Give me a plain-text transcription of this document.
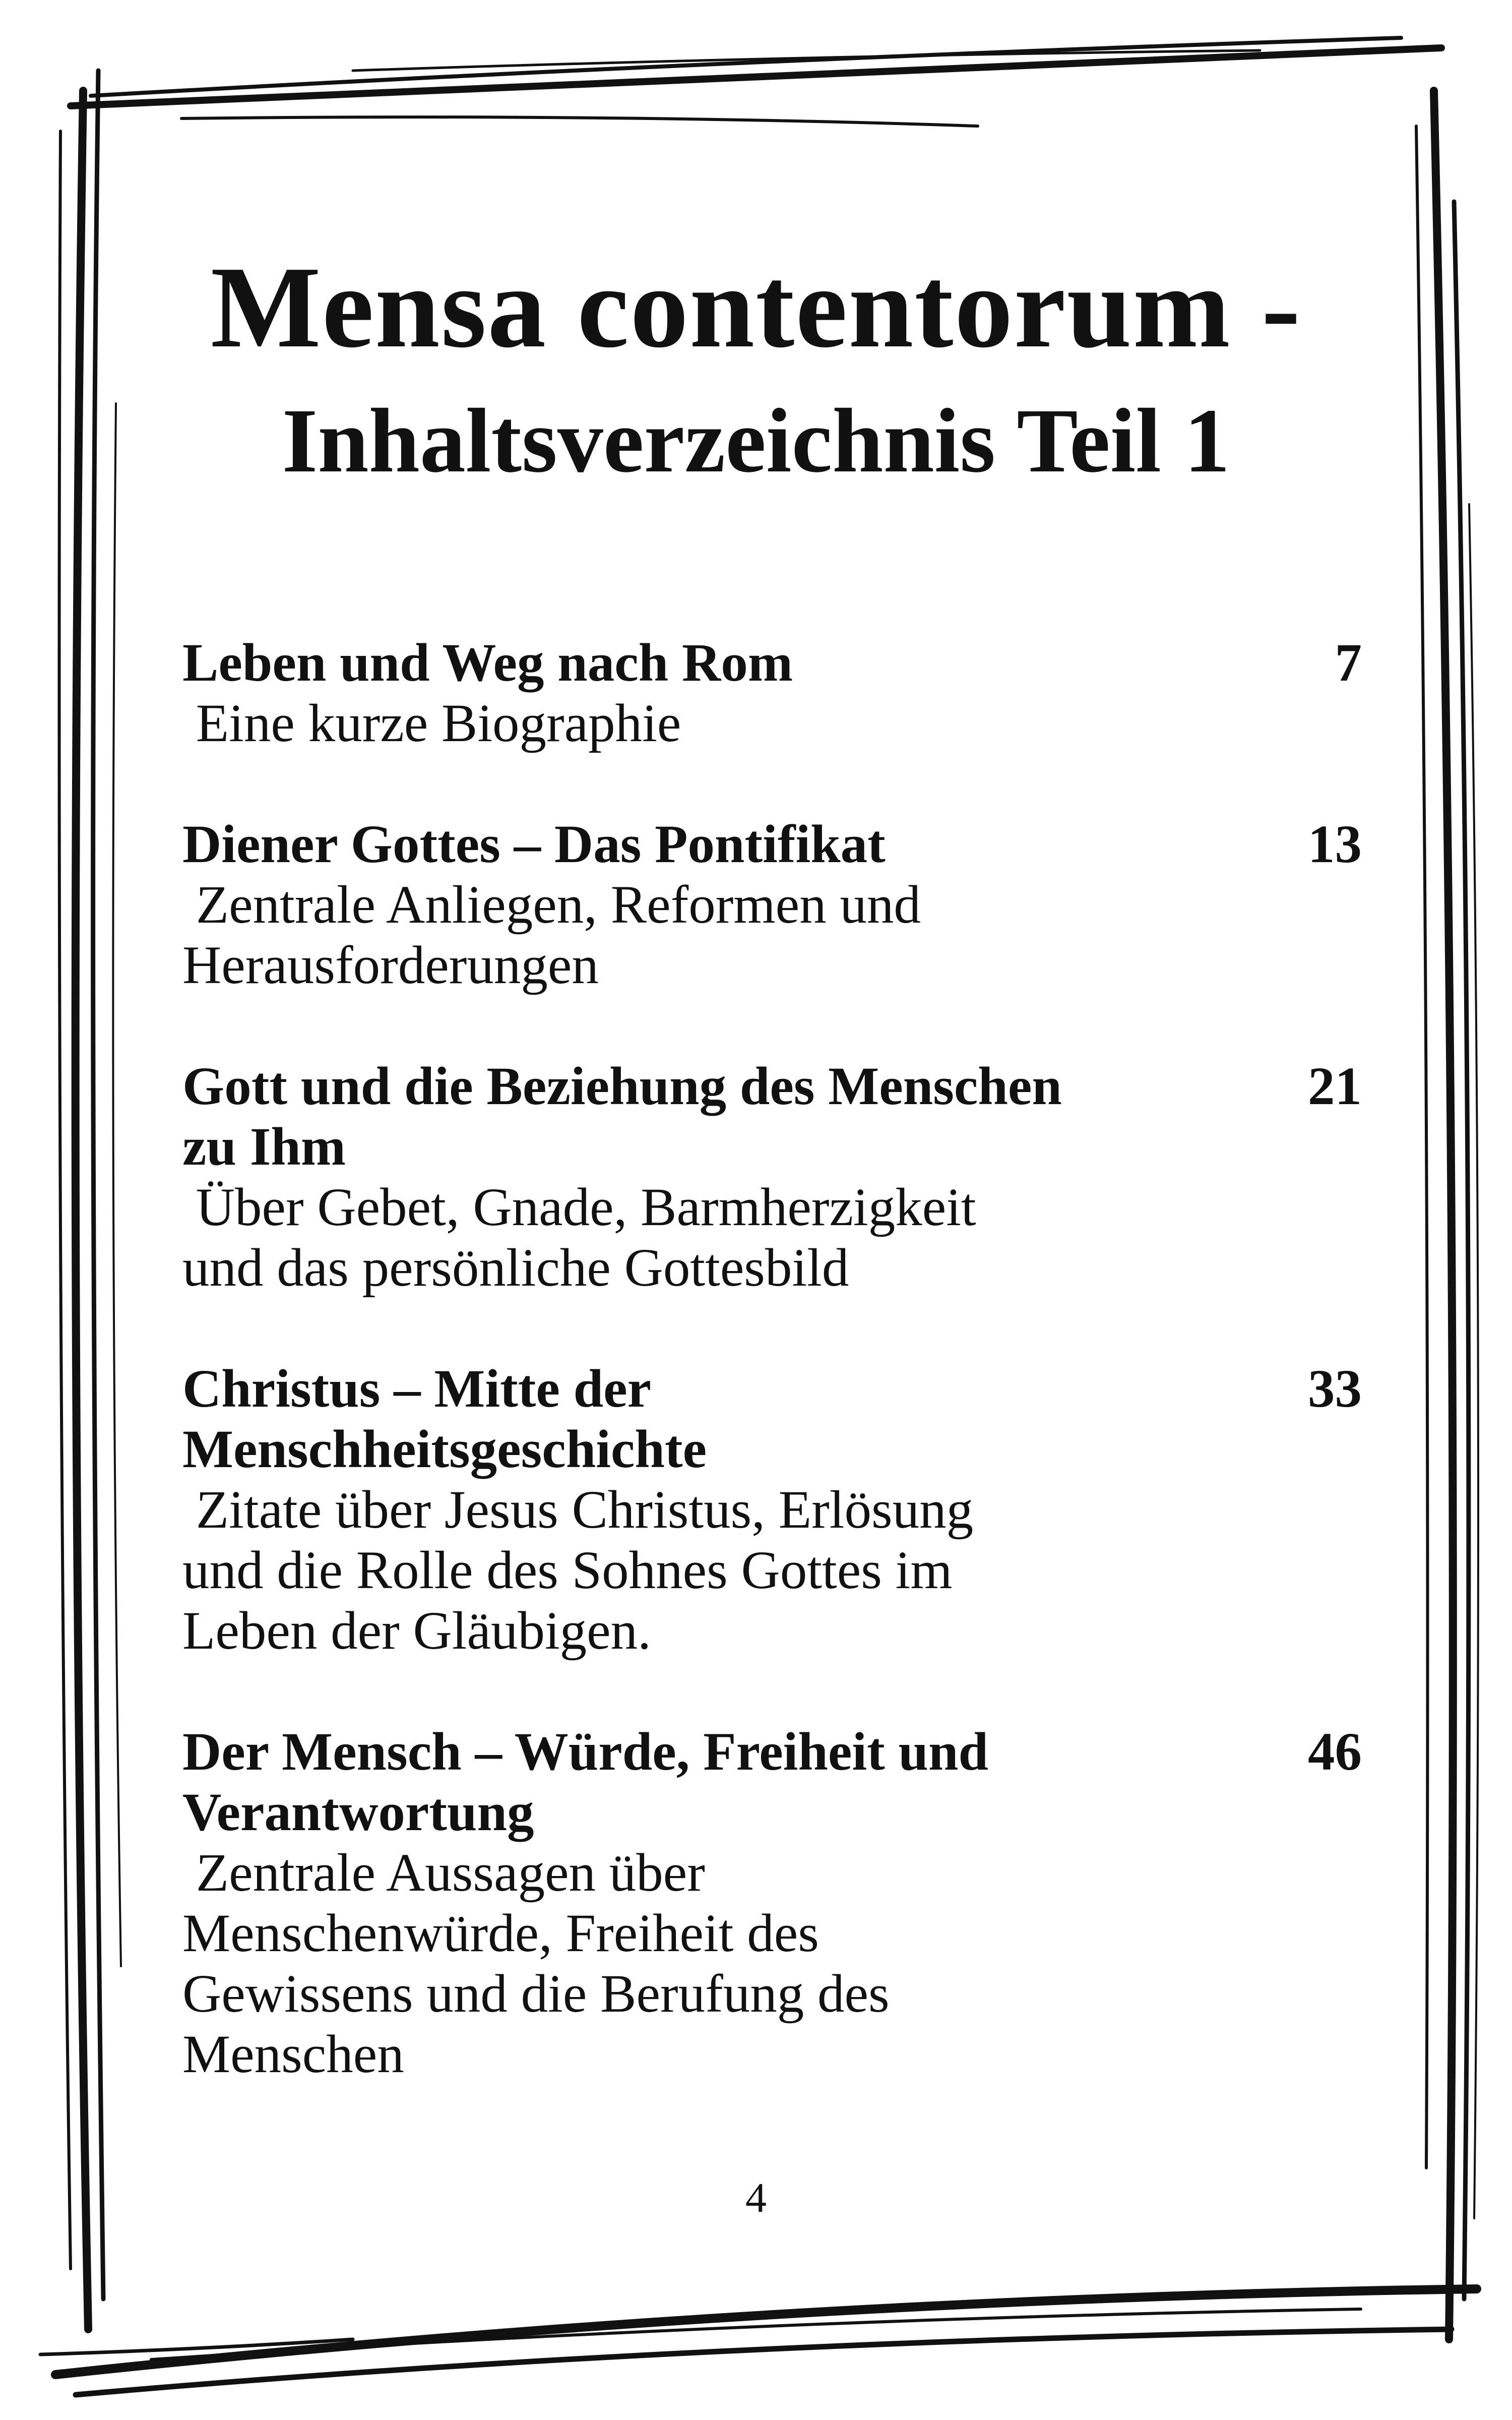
Mensa contentorum -
Inhaltsverzeichnis Teil 1
Leben und Weg nach Rom	7
Eine kurze Biographie
Diener Gottes – Das Pontifikat	13
Zentrale Anliegen, Reformen und
Herausforderungen
Gott und die Beziehung des Menschen
zu Ihm
21
Über Gebet, Gnade, Barmherzigkeit
und das persönliche Gottesbild
Christus – Mitte der
Menschheitsgeschichte
33
Zitate über Jesus Christus, Erlösung
und die Rolle des Sohnes Gottes im
Leben der Gläubigen.
Der Mensch – Würde, Freiheit und
Verantwortung
46
Zentrale Aussagen über
Menschenwürde, Freiheit des
Gewissens und die Berufung des
Menschen
4
